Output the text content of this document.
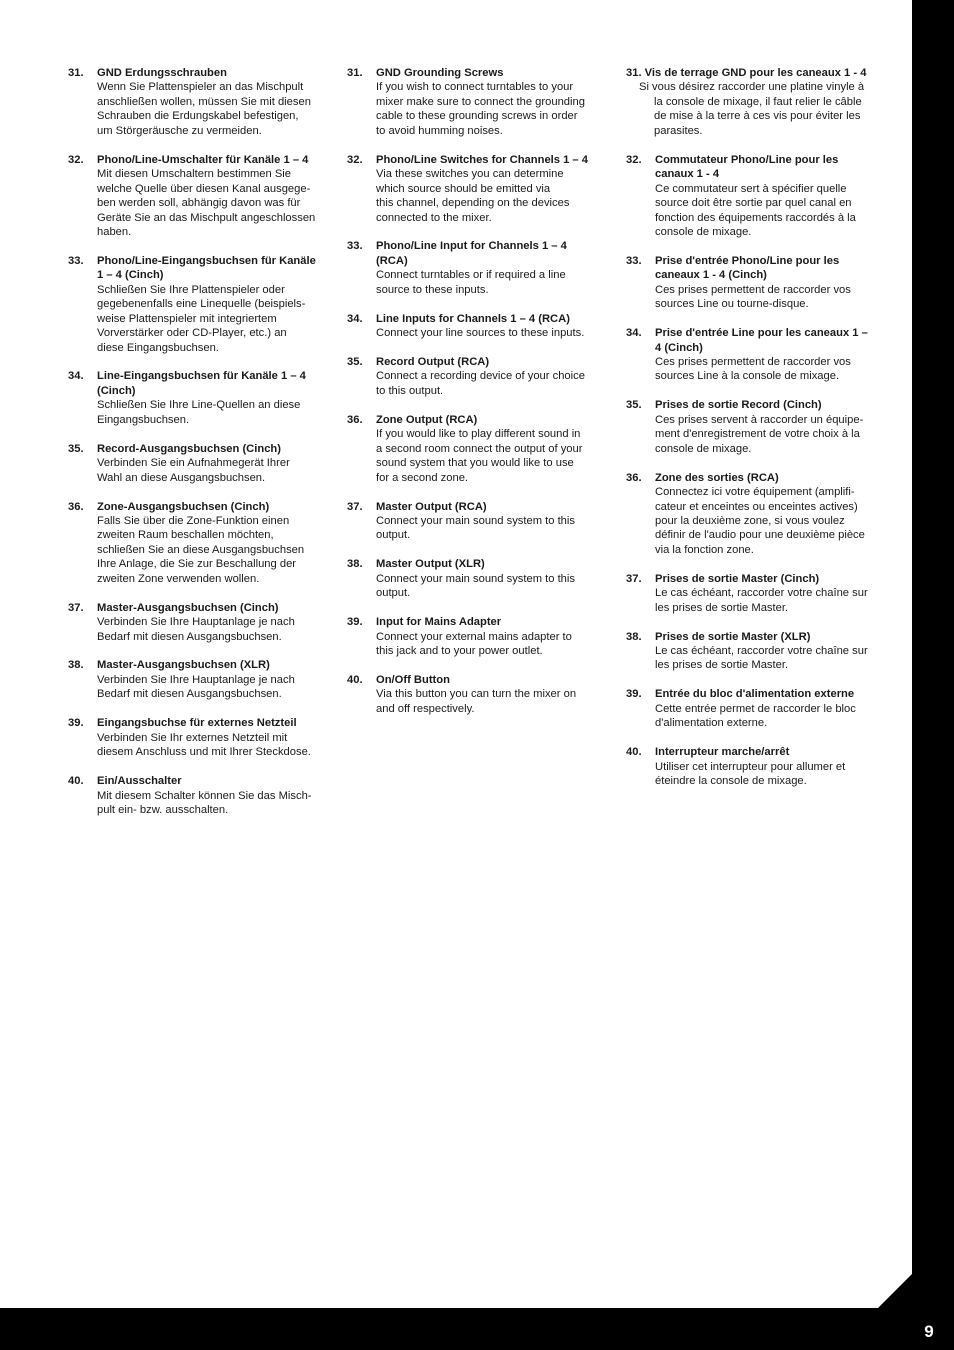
31. GND Erdungsschrauben
Wenn Sie Plattenspieler an das Mischpult
anschließen wollen, müssen Sie mit diesen
Schrauben die Erdungskabel befestigen,
um Störgeräusche zu vermeiden.
32. Phono/Line-Umschalter für Kanäle 1 – 4
Mit diesen Umschaltern bestimmen Sie
welche Quelle über diesen Kanal ausgege-
ben werden soll, abhängig davon was für
Geräte Sie an das Mischpult angeschlossen
haben.
33. Phono/Line-Eingangsbuchsen für Kanäle
1 – 4 (Cinch)
Schließen Sie Ihre Plattenspieler oder
gegebenenfalls eine Linequelle (beispiels-
weise Plattenspieler mit integriertem
Vorverstärker oder CD-Player, etc.) an
diese Eingangsbuchsen.
34. Line-Eingangsbuchsen für Kanäle 1 – 4
(Cinch)
Schließen Sie Ihre Line-Quellen an diese
Eingangsbuchsen.
35. Record-Ausgangsbuchsen (Cinch)
Verbinden Sie ein Aufnahmegerät Ihrer
Wahl an diese Ausgangsbuchsen.
36. Zone-Ausgangsbuchsen (Cinch)
Falls Sie über die Zone-Funktion einen
zweiten Raum beschallen möchten,
schließen Sie an diese Ausgangsbuchsen
Ihre Anlage, die Sie zur Beschallung der
zweiten Zone verwenden wollen.
37. Master-Ausgangsbuchsen (Cinch)
Verbinden Sie Ihre Hauptanlage je nach
Bedarf mit diesen Ausgangsbuchsen.
38. Master-Ausgangsbuchsen (XLR)
Verbinden Sie Ihre Hauptanlage je nach
Bedarf mit diesen Ausgangsbuchsen.
39. Eingangsbuchse für externes Netzteil
Verbinden Sie Ihr externes Netzteil mit
diesem Anschluss und mit Ihrer Steckdose.
40. Ein/Ausschalter
Mit diesem Schalter können Sie das Misch-
pult ein- bzw. ausschalten.
31. GND Grounding Screws
If you wish to connect turntables to your
mixer make sure to connect the grounding
cable to these grounding screws in order
to avoid humming noises.
32. Phono/Line Switches for Channels 1 – 4
Via these switches you can determine
which source should be emitted via
this channel, depending on the devices
connected to the mixer.
33. Phono/Line Input for Channels 1 – 4
(RCA)
Connect turntables or if required a line
source to these inputs.
34. Line Inputs for Channels 1 – 4 (RCA)
Connect your line sources to these inputs.
35. Record Output (RCA)
Connect a recording device of your choice
to this output.
36. Zone Output (RCA)
If you would like to play different sound in
a second room connect the output of your
sound system that you would like to use
for a second zone.
37. Master Output (RCA)
Connect your main sound system to this
output.
38. Master Output (XLR)
Connect your main sound system to this
output.
39. Input for Mains Adapter
Connect your external mains adapter to
this jack and to your power outlet.
40. On/Off Button
Via this button you can turn the mixer on
and off respectively.
31. Vis de terrage GND pour les caneaux 1 - 4
Si vous désirez raccorder une platine vinyle à
la console de mixage, il faut relier le câble
de mise à la terre à ces vis pour éviter les
parasites.
32. Commutateur Phono/Line pour les
canaux 1 - 4
Ce commutateur sert à spécifier quelle
source doit être sortie par quel canal en
fonction des équipements raccordés à la
console de mixage.
33. Prise d'entrée Phono/Line pour les
caneaux 1 - 4 (Cinch)
Ces prises permettent de raccorder vos
sources Line ou tourne-disque.
34. Prise d'entrée Line pour les caneaux 1 –
4 (Cinch)
Ces prises permettent de raccorder vos
sources Line à la console de mixage.
35. Prises de sortie Record (Cinch)
Ces prises servent à raccorder un équipe-
ment d'enregistrement de votre choix à la
console de mixage.
36. Zone des sorties (RCA)
Connectez ici votre équipement (amplifi-
cateur et enceintes ou enceintes actives)
pour la deuxième zone, si vous voulez
définir de l'audio pour une deuxième pièce
via la fonction zone.
37. Prises de sortie Master (Cinch)
Le cas échéant, raccorder votre chaîne sur
les prises de sortie Master.
38. Prises de sortie Master (XLR)
Le cas échéant, raccorder votre chaîne sur
les prises de sortie Master.
39. Entrée du bloc d'alimentation externe
Cette entrée permet de raccorder le bloc
d'alimentation externe.
40. Interrupteur marche/arrêt
Utiliser cet interrupteur pour allumer et
éteindre la console de mixage.
9
